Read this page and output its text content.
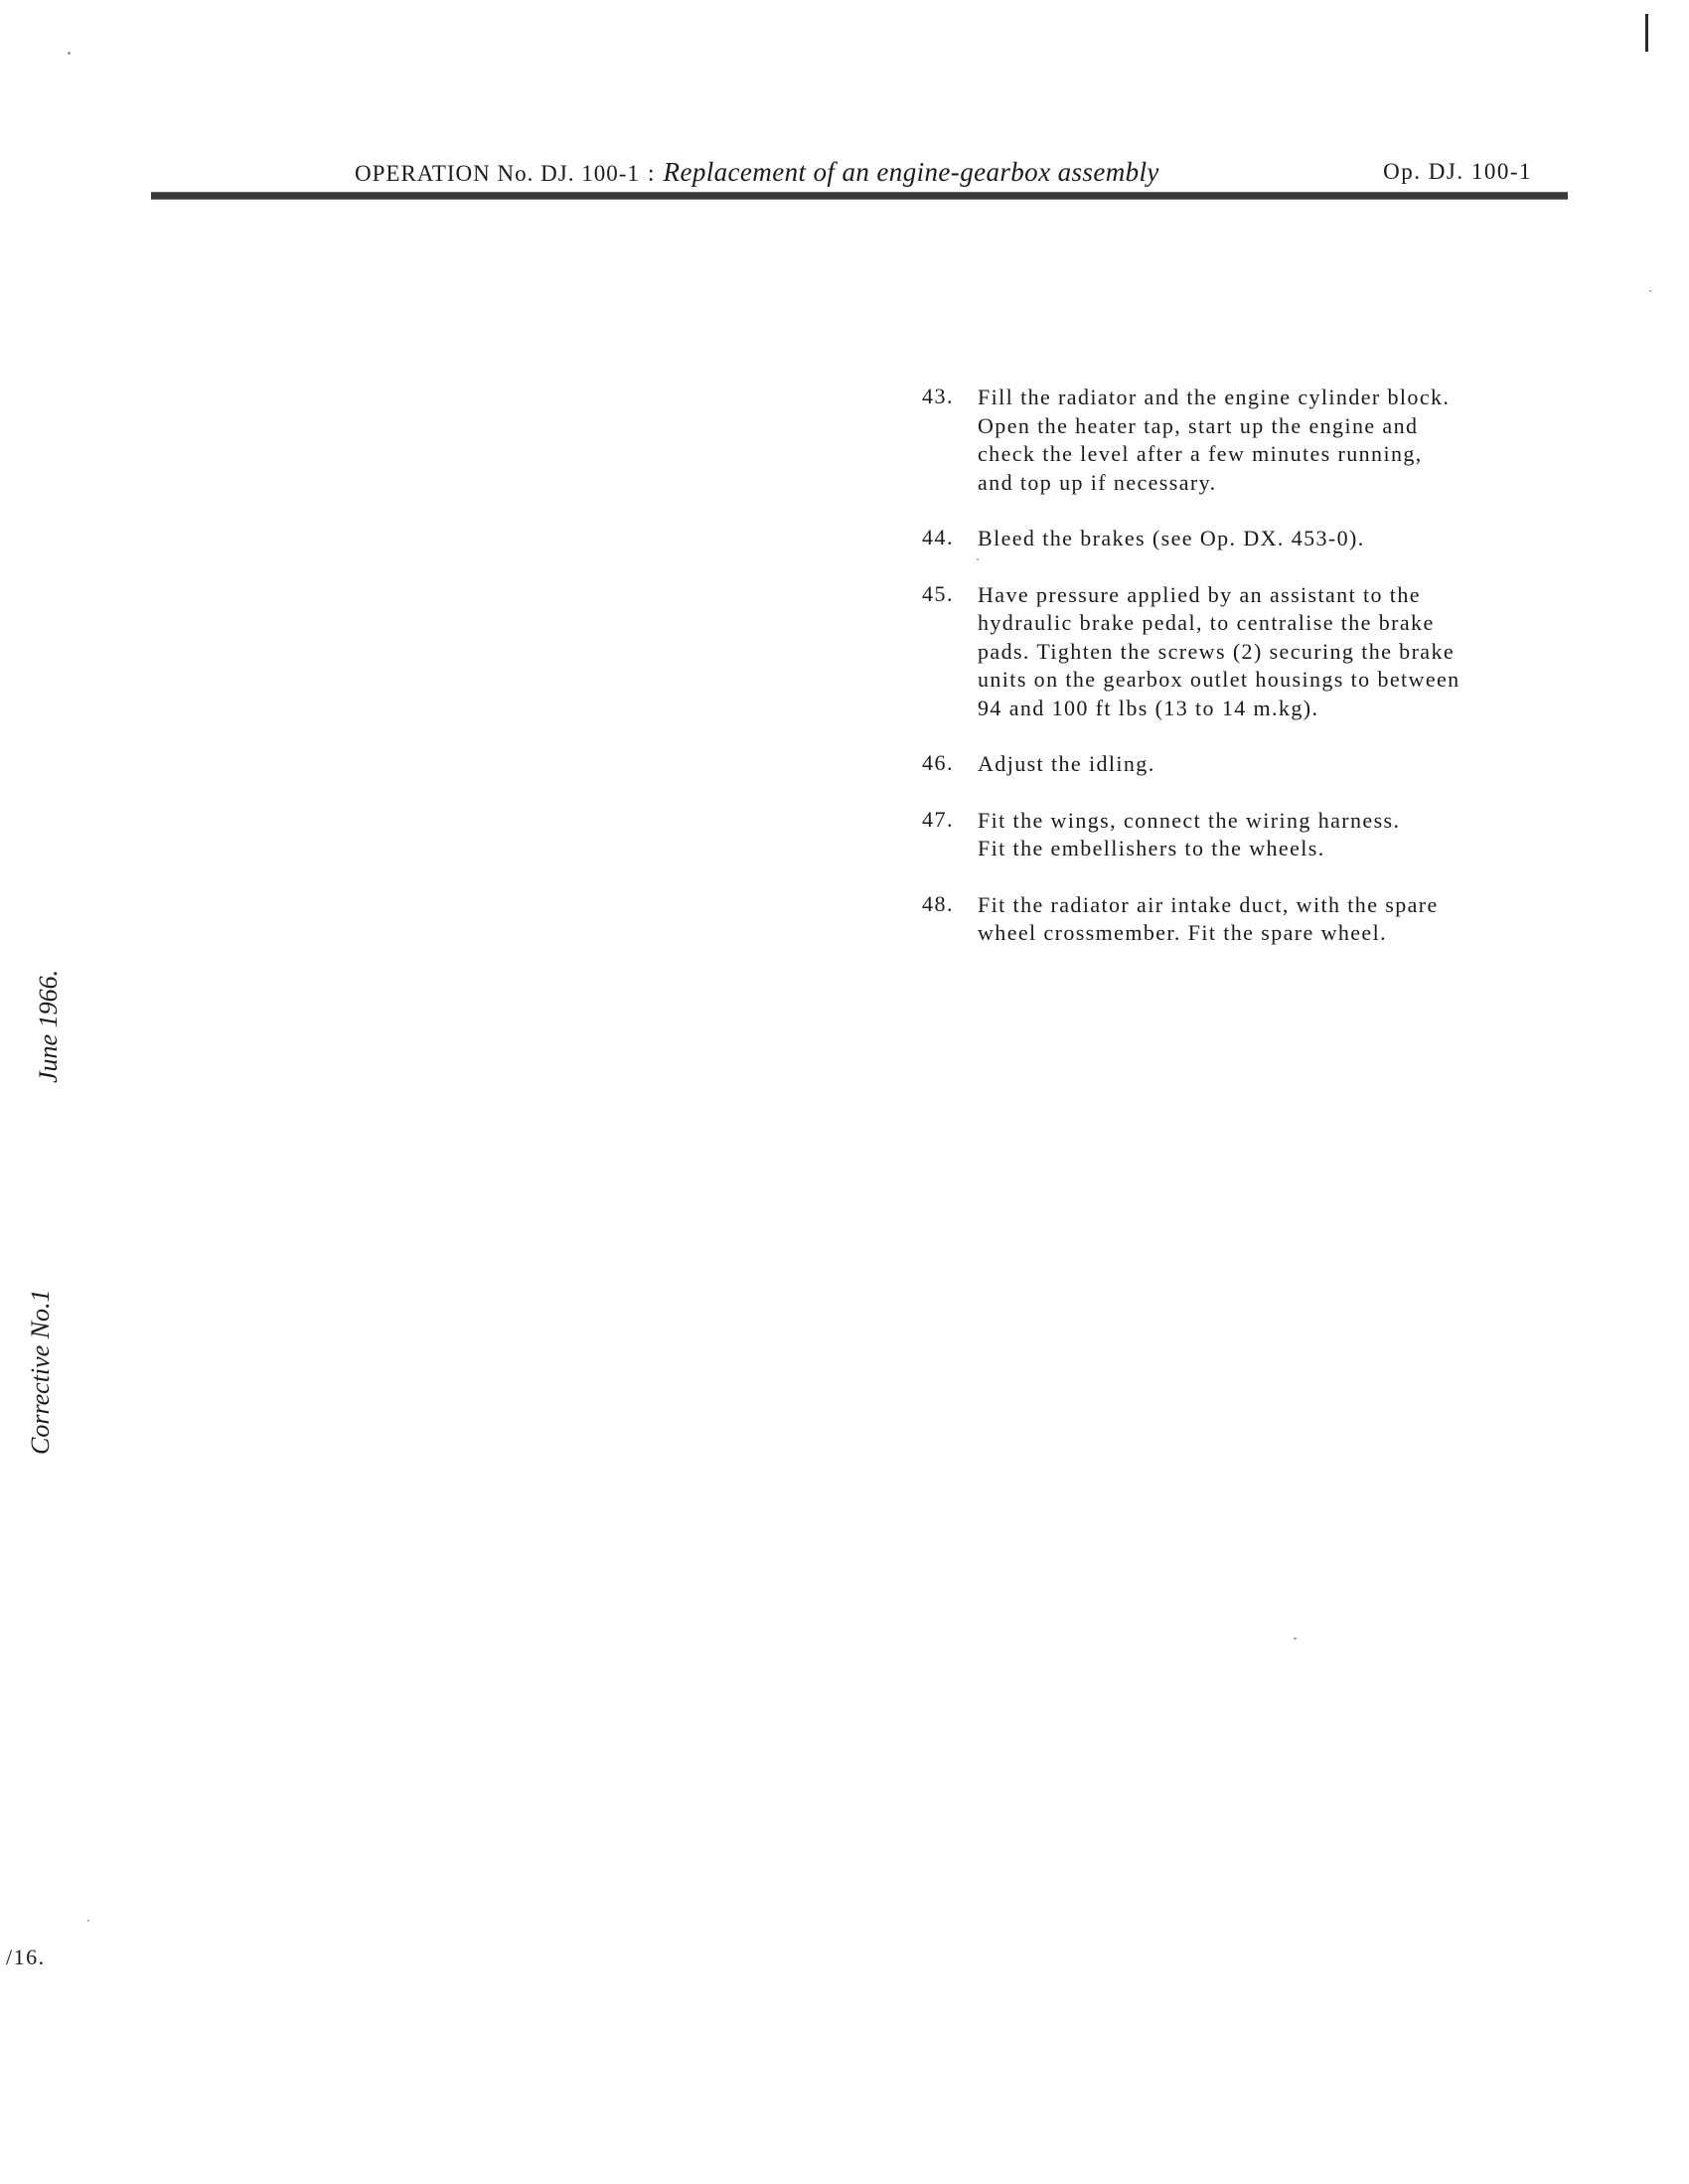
OPERATION No. DJ. 100-1 : Replacement of an engine-gearbox assembly	Op. DJ. 100-1
43. Fill the radiator and the engine cylinder block.
Open the heater tap, start up the engine and
check the level after a few minutes running,
and top up if necessary.
44. Bleed the brakes (see Op. DX. 453-0).
45. Have pressure applied by an assistant to the
hydraulic brake pedal, to centralise the brake
pads. Tighten the screws (2) securing the brake
units on the gearbox outlet housings to between
94 and 100 ft lbs (13 to 14 m.kg).
46. Adjust the idling.
47. Fit the wings, connect the wiring harness.
Fit the embellishers to the wheels.
48. Fit the radiator air intake duct, with the spare
wheel crossmember. Fit the spare wheel.
June 1966.
Corrective No.1
/16.
